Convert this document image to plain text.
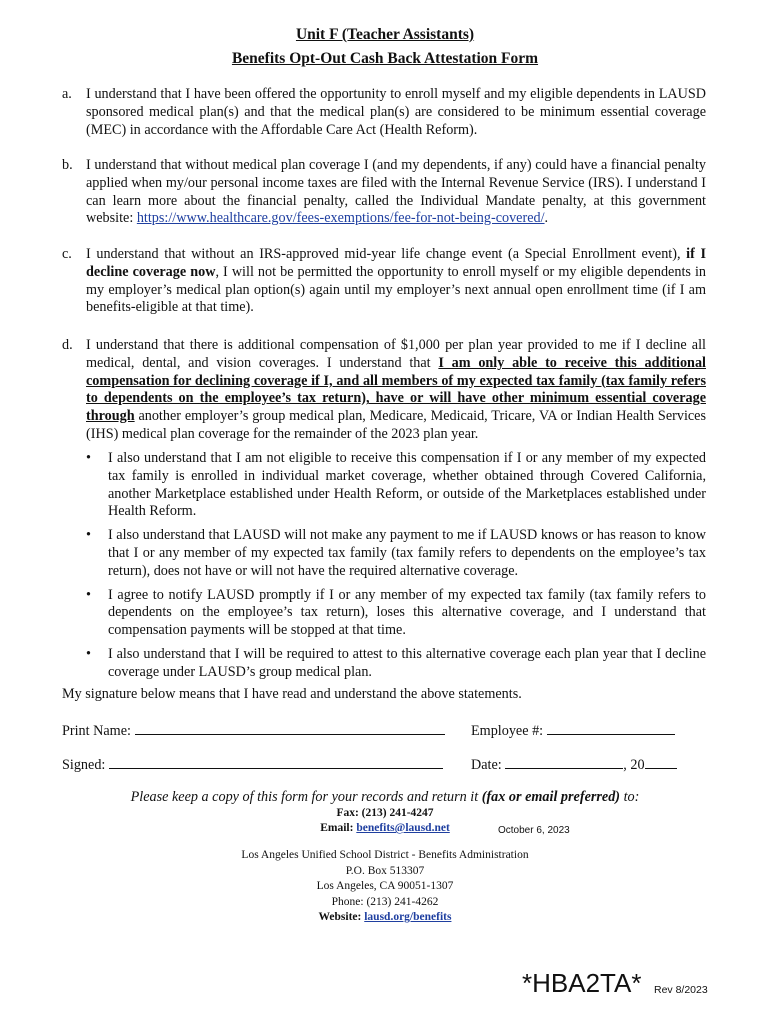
Unit F (Teacher Assistants)
Benefits Opt-Out Cash Back Attestation Form
a. I understand that I have been offered the opportunity to enroll myself and my eligible dependents in LAUSD sponsored medical plan(s) and that the medical plan(s) are considered to be minimum essential coverage (MEC) in accordance with the Affordable Care Act (Health Reform).
b. I understand that without medical plan coverage I (and my dependents, if any) could have a financial penalty applied when my/our personal income taxes are filed with the Internal Revenue Service (IRS). I understand I can learn more about the financial penalty, called the Individual Mandate penalty, at this government website: https://www.healthcare.gov/fees-exemptions/fee-for-not-being-covered/.
c. I understand that without an IRS-approved mid-year life change event (a Special Enrollment event), if I decline coverage now, I will not be permitted the opportunity to enroll myself or my eligible dependents in my employer’s medical plan option(s) again until my employer’s next annual open enrollment time (if I am benefits-eligible at that time).
d. I understand that there is additional compensation of $1,000 per plan year provided to me if I decline all medical, dental, and vision coverages. I understand that I am only able to receive this additional compensation for declining coverage if I, and all members of my expected tax family (tax family refers to dependents on the employee’s tax return), have or will have other minimum essential coverage through another employer’s group medical plan, Medicare, Medicaid, Tricare, VA or Indian Health Services (IHS) medical plan coverage for the remainder of the 2023 plan year.
• I also understand that I am not eligible to receive this compensation if I or any member of my expected tax family is enrolled in individual market coverage, whether obtained through Covered California, another Marketplace established under Health Reform, or outside of the Marketplaces established under Health Reform.
• I also understand that LAUSD will not make any payment to me if LAUSD knows or has reason to know that I or any member of my expected tax family (tax family refers to dependents on the employee’s tax return), does not have or will not have the required alternative coverage.
• I agree to notify LAUSD promptly if I or any member of my expected tax family (tax family refers to dependents on the employee’s tax return), loses this alternative coverage, and I understand that compensation payments will be stopped at that time.
• I also understand that I will be required to attest to this alternative coverage each plan year that I decline coverage under LAUSD’s group medical plan.
My signature below means that I have read and understand the above statements.
Print Name:	Employee #:
Signed:	Date:	, 20
Please keep a copy of this form for your records and return it (fax or email preferred) to:
Fax: (213) 241-4247
Email: benefits@lausd.net	October 6, 2023
Los Angeles Unified School District - Benefits Administration
P.O. Box 513307
Los Angeles, CA 90051-1307
Phone: (213) 241-4262
Website: lausd.org/benefits
*HBA2TA* Rev 8/2023
